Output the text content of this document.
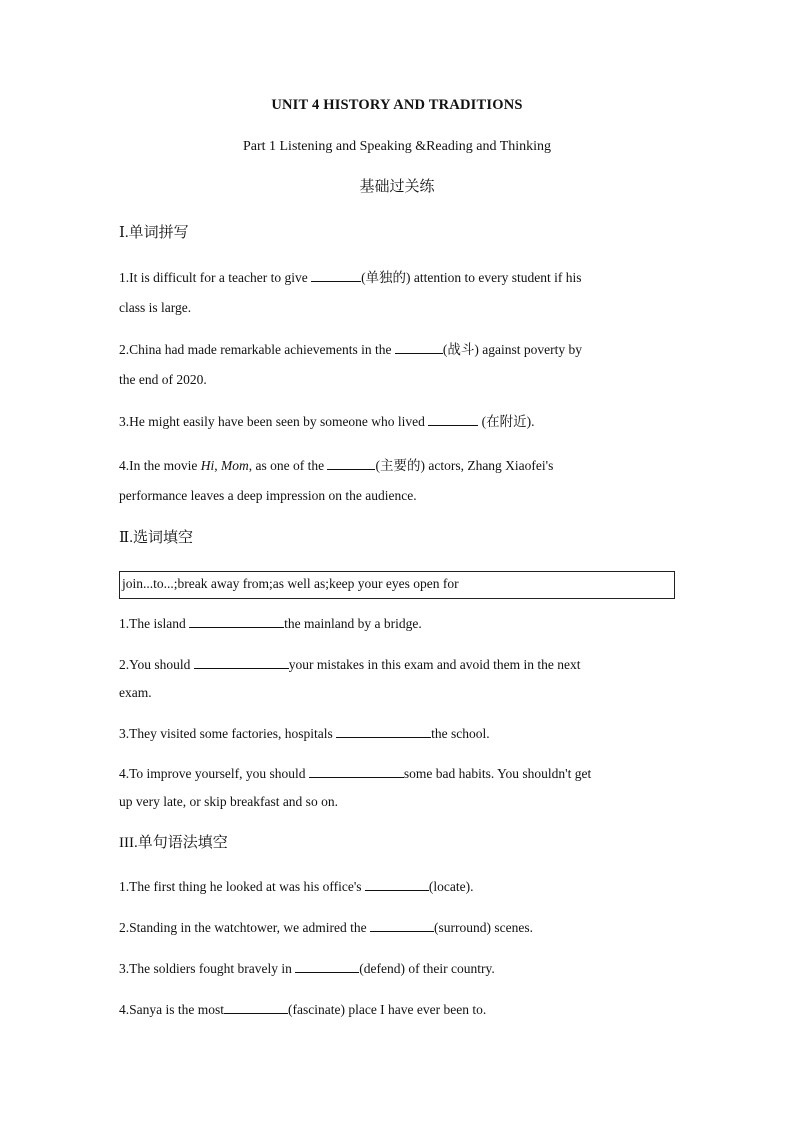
UNIT 4 HISTORY AND TRADITIONS
Part 1 Listening and Speaking &Reading and Thinking
基础过关练
Ⅰ.单词拼写
1.It is difficult for a teacher to give	(单独的) attention to every student if his
class is large.
2.China had made remarkable achievements in the	(战斗) against poverty by
the end of 2020.
3.He might easily have been seen by someone who lived	(在附近).
4.In the movie Hi, Mom, as one of the	(主要的) actors, Zhang Xiaofei's
performance leaves a deep impression on the audience.
Ⅱ.选词填空
join...to...;break away from;as well as;keep your eyes open for
1.The island	the mainland by a bridge.
2.You should	your mistakes in this exam and avoid them in the next
exam.
3.They visited some factories, hospitals	the school.
4.To improve yourself, you should	some bad habits. You shouldn't get
up very late, or skip breakfast and so on.
III.单句语法填空
1.The first thing he looked at was his office's	(locate).
2.Standing in the watchtower, we admired the	(surround) scenes.
3.The soldiers fought bravely in	(defend) of their country.
4.Sanya is the most	(fascinate) place I have ever been to.
